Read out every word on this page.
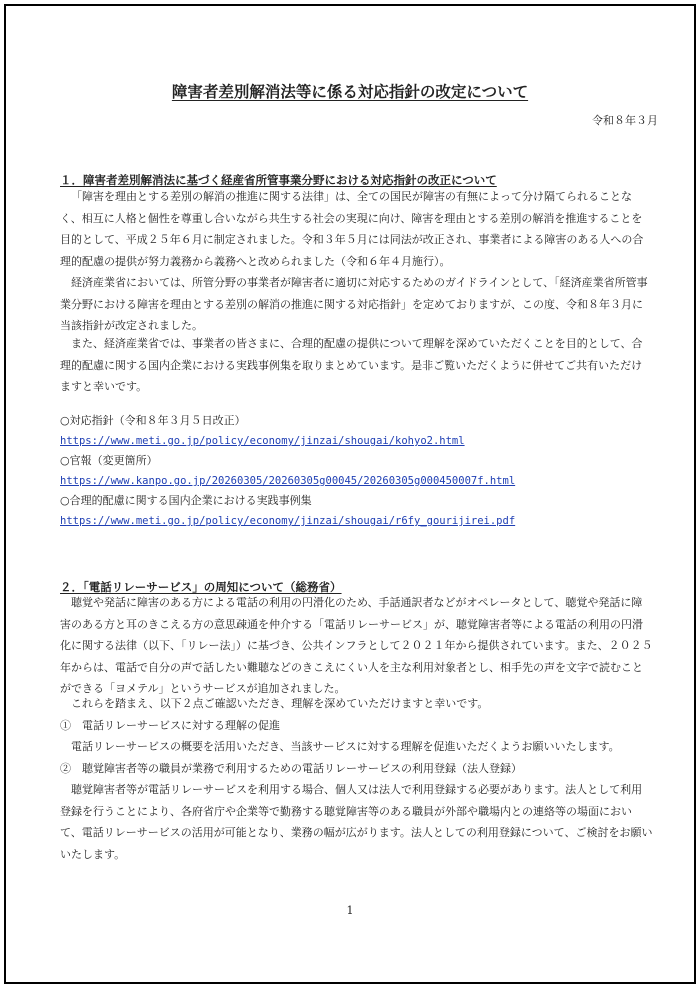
障害者差別解消法等に係る対応指針の改定について
令和８年３月

１．障害者差別解消法に基づく経産省所管事業分野における対応指針の改正について

「障害を理由とする差別の解消の推進に関する法律」は、全ての国民が障害の有無によって分け隔てられることなく、相互に人格と個性を尊重し合いながら共生する社会の実現に向け、障害を理由とする差別の解消を推進することを目的として、平成２５年６月に制定されました。令和３年５月には同法が改正され、事業者による障害のある人への合理的配慮の提供が努力義務から義務へと改められました（令和６年４月施行）。

経済産業省においては、所管分野の事業者が障害者に適切に対応するためのガイドラインとして、「経済産業省所管事業分野における障害を理由とする差別の解消の推進に関する対応指針」を定めておりますが、この度、令和８年３月に当該指針が改定されました。

また、経済産業省では、事業者の皆さまに、合理的配慮の提供について理解を深めていただくことを目的として、合理的配慮に関する国内企業における実践事例集を取りまとめています。是非ご覧いただくように併せてご共有いただけますと幸いです。

○対応指針（令和８年３月５日改正）
https://www.meti.go.jp/policy/economy/jinzai/shougai/kohyo2.html
○官報（変更箇所）
https://www.kanpo.go.jp/20260305/20260305g00045/20260305g000450007f.html
○合理的配慮に関する国内企業における実践事例集
https://www.meti.go.jp/policy/economy/jinzai/shougai/r6fy_gourijirei.pdf

２．「電話リレーサービス」の周知について（総務省）

聴覚や発話に障害のある方による電話の利用の円滑化のため、手話通訳者などがオペレータとして、聴覚や発話に障害のある方と耳のきこえる方の意思疎通を仲介する「電話リレーサービス」が、聴覚障害者等による電話の利用の円滑化に関する法律（以下、「リレー法」）に基づき、公共インフラとして２０２１年から提供されています。また、２０２５年からは、電話で自分の声で話したい難聴などのきこえにくい人を主な利用対象者とし、相手先の声を文字で読むことができる「ヨメテル」というサービスが追加されました。

これらを踏まえ、以下２点ご確認いただき、理解を深めていただけますと幸いです。
①　電話リレーサービスに対する理解の促進
電話リレーサービスの概要を活用いただき、当該サービスに対する理解を促進いただくようお願いいたします。
②　聴覚障害者等の職員が業務で利用するための電話リレーサービスの利用登録（法人登録）
聴覚障害者等が電話リレーサービスを利用する場合、個人又は法人で利用登録する必要があります。法人として利用登録を行うことにより、各府省庁や企業等で勤務する聴覚障害等のある職員が外部や職場内との連絡等の場面において、電話リレーサービスの活用が可能となり、業務の幅が広がります。法人としての利用登録について、ご検討をお願いいたします。
1
